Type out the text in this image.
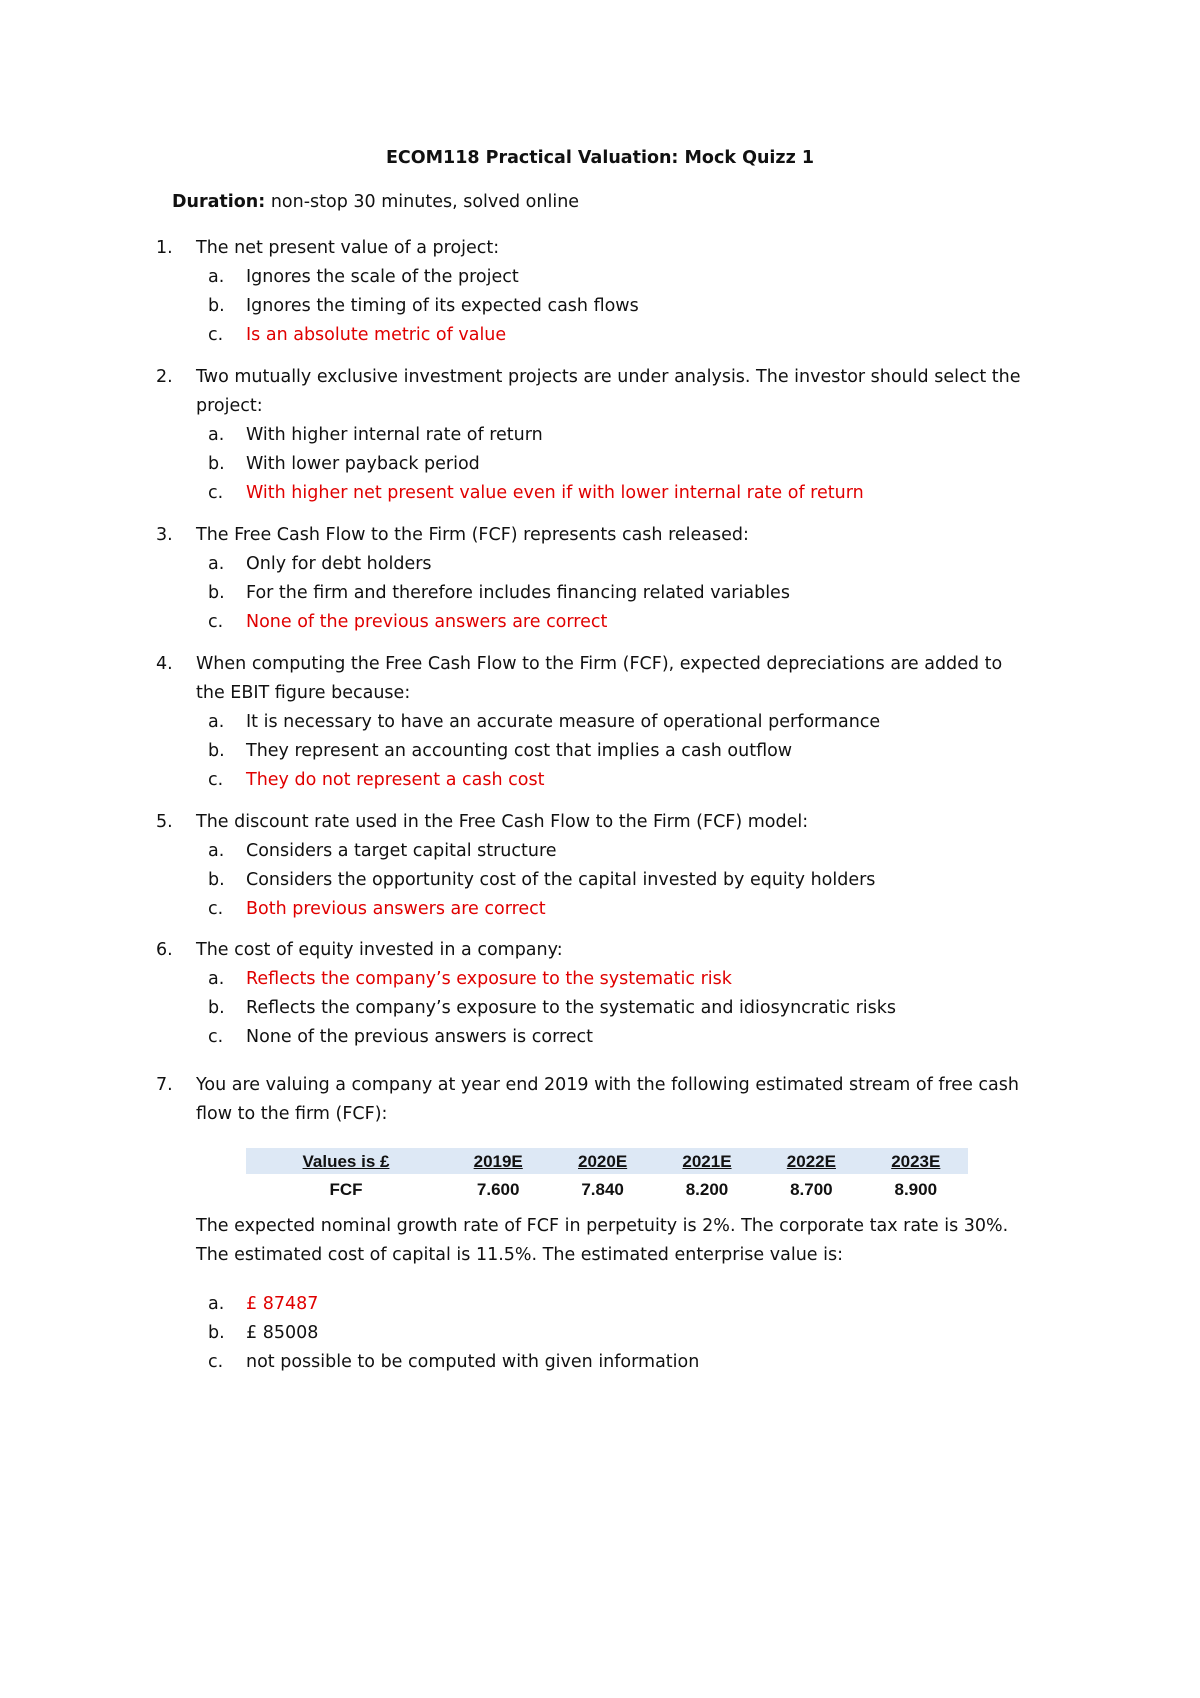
ECOM118 Practical Valuation: Mock Quizz 1
Duration: non-stop 30 minutes, solved online
1.	The net present value of a project:
a. Ignores the scale of the project
b. Ignores the timing of its expected cash flows
c. Is an absolute metric of value
2.	Two mutually exclusive investment projects are under analysis. The investor should select the project:
a. With higher internal rate of return
b. With lower payback period
c. With higher net present value even if with lower internal rate of return
3.	The Free Cash Flow to the Firm (FCF) represents cash released:
a. Only for debt holders
b. For the firm and therefore includes financing related variables
c. None of the previous answers are correct
4.	When computing the Free Cash Flow to the Firm (FCF), expected depreciations are added to the EBIT figure because:
a. It is necessary to have an accurate measure of operational performance
b. They represent an accounting cost that implies a cash outflow
c. They do not represent a cash cost
5.	The discount rate used in the Free Cash Flow to the Firm (FCF) model:
a. Considers a target capital structure
b. Considers the opportunity cost of the capital invested by equity holders
c. Both previous answers are correct
6.	The cost of equity invested in a company:
a. Reflects the company’s exposure to the systematic risk
b. Reflects the company’s exposure to the systematic and idiosyncratic risks
c. None of the previous answers is correct
7.	You are valuing a company at year end 2019 with the following estimated stream of free cash flow to the firm (FCF):
Values is £	2019E	2020E	2021E	2022E	2023E
FCF	7.600	7.840	8.200	8.700	8.900
The expected nominal growth rate of FCF in perpetuity is 2%. The corporate tax rate is 30%. The estimated cost of capital is 11.5%. The estimated enterprise value is:
a. £ 87487
b. £ 85008
c. not possible to be computed with given information
